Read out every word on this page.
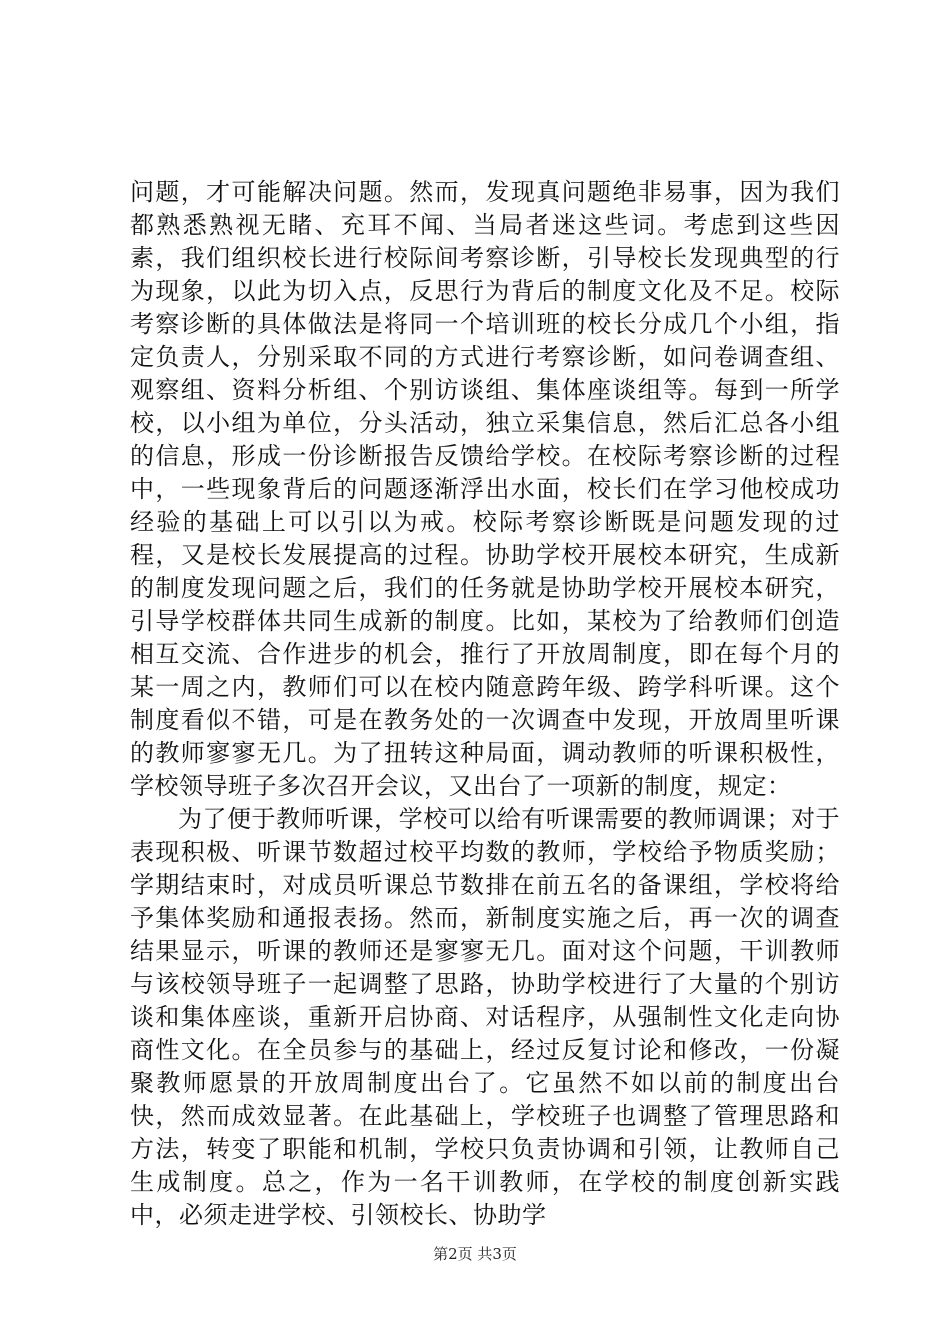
问题，才可能解决问题。然而，发现真问题绝非易事，因为我们都熟悉熟视无睹、充耳不闻、当局者迷这些词。考虑到这些因素，我们组织校长进行校际间考察诊断，引导校长发现典型的行为现象，以此为切入点，反思行为背后的制度文化及不足。校际考察诊断的具体做法是将同一个培训班的校长分成几个小组，指定负责人，分别采取不同的方式进行考察诊断，如问卷调查组、观察组、资料分析组、个别访谈组、集体座谈组等。每到一所学校，以小组为单位，分头活动，独立采集信息，然后汇总各小组的信息，形成一份诊断报告反馈给学校。在校际考察诊断的过程中，一些现象背后的问题逐渐浮出水面，校长们在学习他校成功经验的基础上可以引以为戒。校际考察诊断既是问题发现的过程，又是校长发展提高的过程。协助学校开展校本研究，生成新的制度发现问题之后，我们的任务就是协助学校开展校本研究，引导学校群体共同生成新的制度。比如，某校为了给教师们创造相互交流、合作进步的机会，推行了开放周制度，即在每个月的某一周之内，教师们可以在校内随意跨年级、跨学科听课。这个制度看似不错，可是在教务处的一次调查中发现，开放周里听课的教师寥寥无几。为了扭转这种局面，调动教师的听课积极性，学校领导班子多次召开会议，又出台了一项新的制度，规定：

为了便于教师听课，学校可以给有听课需要的教师调课；对于表现积极、听课节数超过校平均数的教师，学校给予物质奖励；学期结束时，对成员听课总节数排在前五名的备课组，学校将给予集体奖励和通报表扬。然而，新制度实施之后，再一次的调查结果显示，听课的教师还是寥寥无几。面对这个问题，干训教师与该校领导班子一起调整了思路，协助学校进行了大量的个别访谈和集体座谈，重新开启协商、对话程序，从强制性文化走向协商性文化。在全员参与的基础上，经过反复讨论和修改，一份凝聚教师愿景的开放周制度出台了。它虽然不如以前的制度出台快，然而成效显著。在此基础上，学校班子也调整了管理思路和方法，转变了职能和机制，学校只负责协调和引领，让教师自己生成制度。总之，作为一名干训教师，在学校的制度创新实践中，必须走进学校、引领校长、协助学

第2页 共3页
